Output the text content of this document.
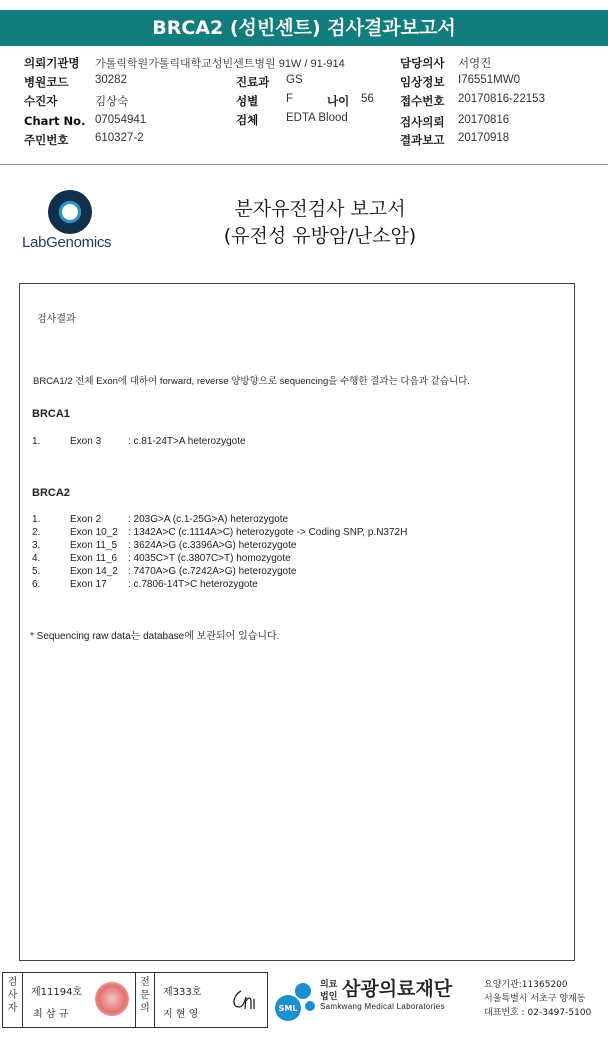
BRCA2 (성빈센트) 검사결과보고서
의뢰기관명 가톨릭학원가톨릭대학교성빈센트병원 91W / 91-914	담당의사 서영진
병원코드 30282	진료과 GS	임상정보 I76551MW0
수진자	김상숙	성별 F	나이 56 접수번호 20170816-22153
Chart No. 07054941	검체 EDTA Blood	검사의뢰 20170816
주민번호 610327-2	결과보고 20170918
LabGenomics
분자유전검사 보고서
(유전성 유방암/난소암)
검사결과
BRCA1/2 전체 Exon에 대하여 forward, reverse 양방향으로 sequencing을 수행한 결과는 다음과 같습니다.
BRCA1
1.	Exon 3	: c.81-24T>A heterozygote
BRCA2
1.	Exon 2	: 203G>A (c.1-25G>A) heterozygote
2.	Exon 10_2 : 1342A>C (c.1114A>C) heterozygote -> Coding SNP, p.N372H
3.	Exon 11_5 : 3624A>G (c.3396A>G) heterozygote
4.	Exon 11_6 : 4035C>T (c.3807C>T) homozygote
5.	Exon 14_2 : 7470A>G (c.7242A>G) heterozygote
6.	Exon 17 : c.7806-14T>C heterozygote
* Sequencing raw data는 database에 보관되어 있습니다.
검사자
제11194호
최 삼 규
전문의
제333호
지 현 영
SML
의료
법인 삼광의료재단
Samkwang Medical Laboratories
요양기관:11365200
서울특별시 서초구 양재동
대표번호 : 02-3497-5100
